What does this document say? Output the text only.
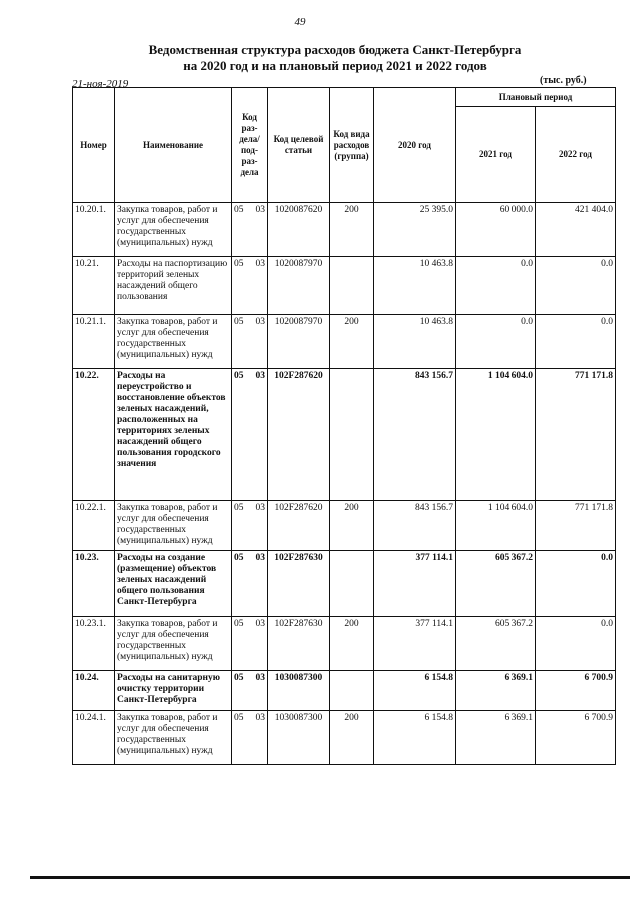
49
Ведомственная структура расходов бюджета Санкт-Петербурга
на 2020 год и на плановый период 2021 и 2022 годов
21-ноя-2019	(тыс. руб.)
Номер	Наименование	Код раз-дела/ под-раз-дела	Код целевой статьи	Код вида расходов (группа)	2020 год	Плановый период	
						2021 год	2022 год
10.20.1.	Закупка товаров, работ и услуг для обеспечения государственных (муниципальных) нужд	05 03	1020087620	200	25 395.0	60 000.0	421 404.0
10.21.	Расходы на паспортизацию территорий зеленых насаждений общего пользования	05 03	1020087970		10 463.8	0.0	0.0
10.21.1.	Закупка товаров, работ и услуг для обеспечения государственных (муниципальных) нужд	05 03	1020087970	200	10 463.8	0.0	0.0
10.22.	Расходы на переустройство и восстановление объектов зеленых насаждений, расположенных на территориях зеленых насаждений общего пользования городского значения	05 03	102F287620		843 156.7	1 104 604.0	771 171.8
10.22.1.	Закупка товаров, работ и услуг для обеспечения государственных (муниципальных) нужд	05 03	102F287620	200	843 156.7	1 104 604.0	771 171.8
10.23.	Расходы на создание (размещение) объектов зеленых насаждений общего пользования Санкт-Петербурга	05 03	102F287630		377 114.1	605 367.2	0.0
10.23.1.	Закупка товаров, работ и услуг для обеспечения государственных (муниципальных) нужд	05 03	102F287630	200	377 114.1	605 367.2	0.0
10.24.	Расходы на санитарную очистку территории Санкт-Петербурга	05 03	1030087300		6 154.8	6 369.1	6 700.9
10.24.1.	Закупка товаров, работ и услуг для обеспечения государственных (муниципальных) нужд	05 03	1030087300	200	6 154.8	6 369.1	6 700.9
